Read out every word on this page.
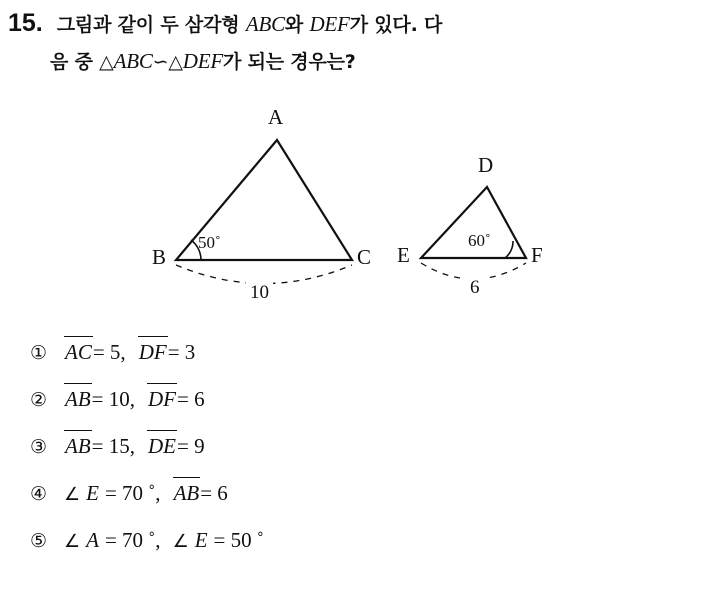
15. 그림과 같이 두 삼각형 ABC와 DEF가 있다. 다
음 중 △ABC∽△DEF가 되는 경우는?
A
B	C
50˚
10
D
E	F
60˚
6
① AC= 5, DF= 3
② AB= 10, DF= 6
③ AB= 15, DE= 9
④ ∠ E = 70 ˚, AB= 6
⑤ ∠ A = 70 ˚, ∠ E = 50 ˚
